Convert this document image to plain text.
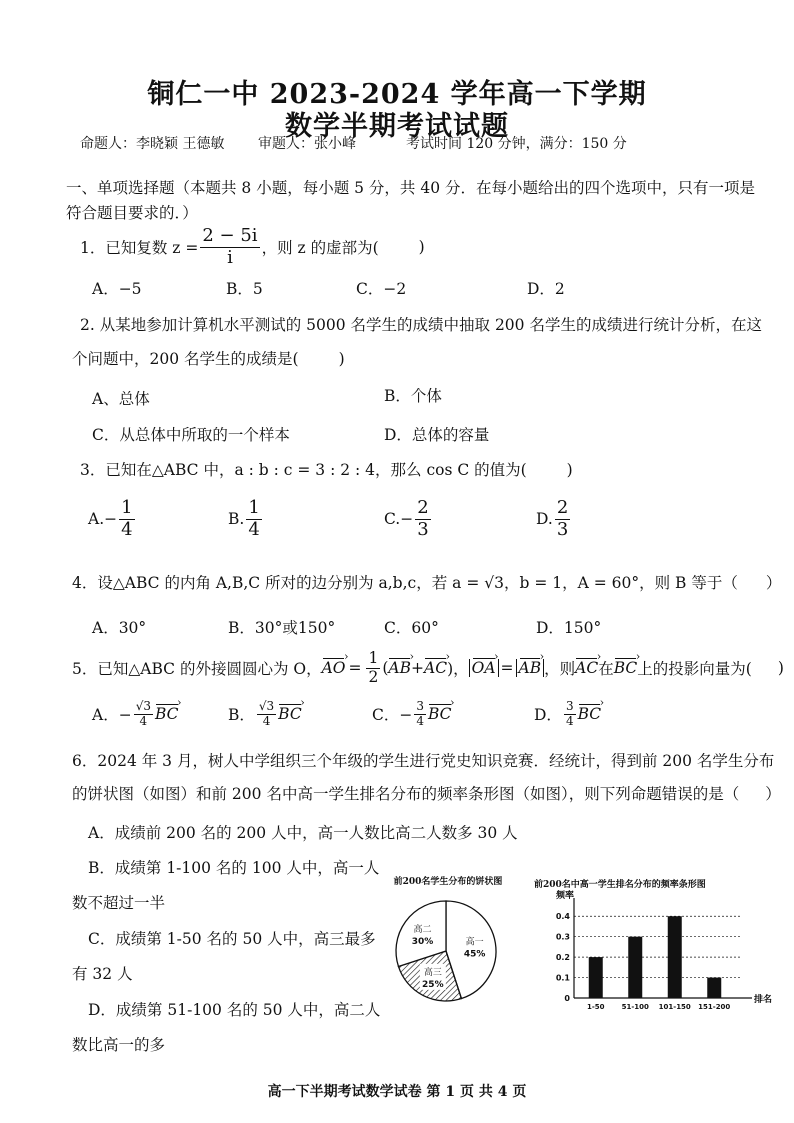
铜仁一中 2023-2024 学年高一下学期
数学半期考试试题
命题人：李晓颖 王德敏 审题人：张小峰	考试时间 120 分钟，满分：150 分
一、单项选择题（本题共 8 小题，每小题 5 分，共 40 分．在每小题给出的四个选项中，只有一项是
符合题目要求的．）
1．已知复数 $z = \frac{2 - 5i}{i}$ ，则 z 的虚部为(	)
A．−5	B．5	C．−2	D．2
2. 从某地参加计算机水平测试的 5000 名学生的成绩中抽取 200 名学生的成绩进行统计分析，在这
个问题中，200 名学生的成绩是(	)
A、总体	B．个体
C．从总体中所取的一个样本	D．总体的容量
3．已知在△ABC 中，a : b : c = 3 : 2 : 4，那么 cos C 的值为(	)
$A.- \frac{1}{4}$	B. $\frac{1}{4}$	$C.- \frac{2}{3}$	D. $\frac{2}{3}$
4．设△ABC 的内角 A,B,C 所对的边分别为 a,b,c，若 a = √3，b = 1，A = 60°，则 B 等于（ ）
A．30°	B．30°或150°	C．60°	D．150°
5．已知△ABC 的外接圆圆心为 O， AO › = $\frac{1}{2}$ ( AB › + AC › )， OA › = AB › ，则 AC › 在 BC › 上的投影向量为( )
A．− $\frac{√3}{4}$ BC ›	B． $\frac{√3}{4}$ BC ›	C．− $\frac{3}{4}$ BC ›	D． $\frac{3}{4}$ BC ›
6．2024 年 3 月，树人中学组织三个年级的学生进行党史知识竞赛．经统计，得到前 200 名学生分布
的饼状图（如图）和前 200 名中高一学生排名分布的频率条形图（如图），则下列命题错误的是（ ）
A．成绩前 200 名的 200 人中，高一人数比高二人数多 30 人
B．成绩第 1-100 名的 100 人中，高一人
数不超过一半
C．成绩第 1-50 名的 50 人中，高三最多
有 32 人
D．成绩第 51-100 名的 50 人中，高二人
数比高一的多
前200名学生分布的饼状图
高一
45%
高三
25%
高二
30%
前200名中高一学生排名分布的频率条形图
频率
0
0.1
0.2
0.3
0.4
1-50 51-100 101-150 151-200
排名
高一下半期考试数学试卷 第 1 页 共 4 页
